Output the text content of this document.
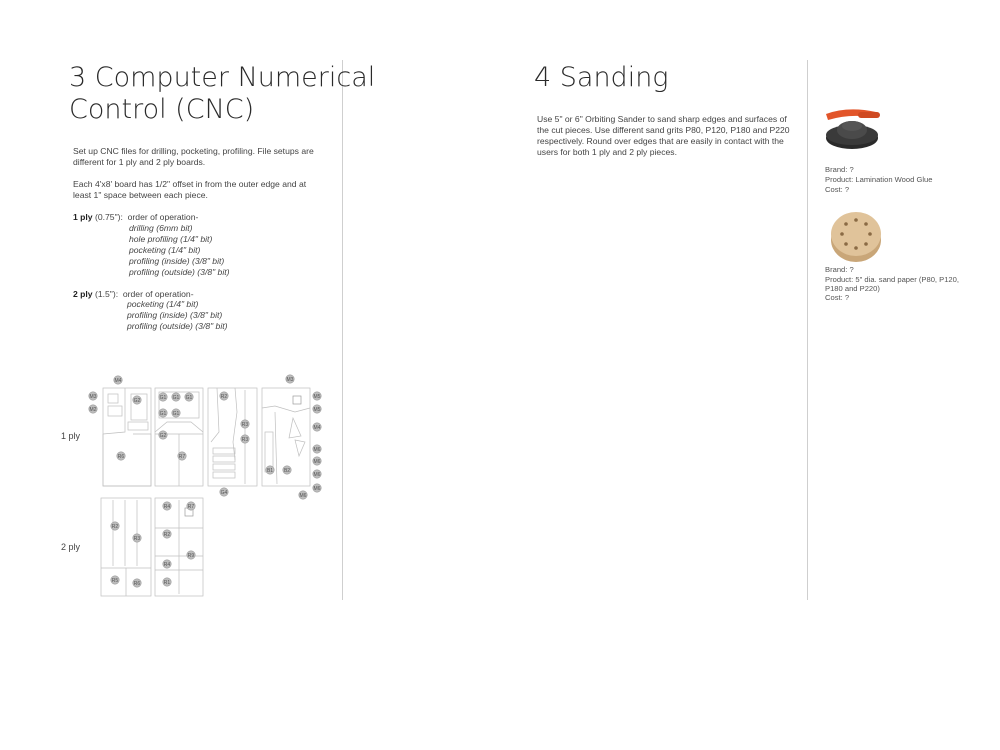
3 Computer Numerical
Control (CNC)

Set up CNC files for drilling, pocketing, profiling. File setups are

different for 1 ply and 2 ply boards.

Each 4'x8' board has 1/2" offset in from the outer edge and at

least 1" space between each piece.

1 ply (0.75"): order of operation-
drilling (6mm bit)
hole profiling (1/4" bit)
pocketing (1/4" bit)
profiling (inside) (3/8" bit)
profiling (outside) (3/8" bit)
2 ply (1.5"): order of operation-
pocketing (1/4" bit)
profiling (inside) (3/8" bit)
profiling (outside) (3/8" bit)
1 ply
2 ply
M4
M3
M2
G2
R6
G1 G1 G1
G1 G1
G2
R7
R2
R3
R3
G4
M3
B1 B2
M5
M5
M4
M6
M6
M6
M6
M6
R2
R3
R5	R6
R4	R7
R2
R9
R4
R1
4 Sanding

Use 5" or 6" Orbiting Sander to sand sharp edges and surfaces of

the cut pieces. Use different sand grits P80, P120, P180 and P220

respectively. Round over edges that are easily in contact with the

users for both 1 ply and 2 ply pieces.

Brand: ?
Product: Lamination Wood Glue
Cost: ?
Brand: ?
Product: 5" dia. sand paper (P80, P120,
P180 and P220)
Cost: ?
